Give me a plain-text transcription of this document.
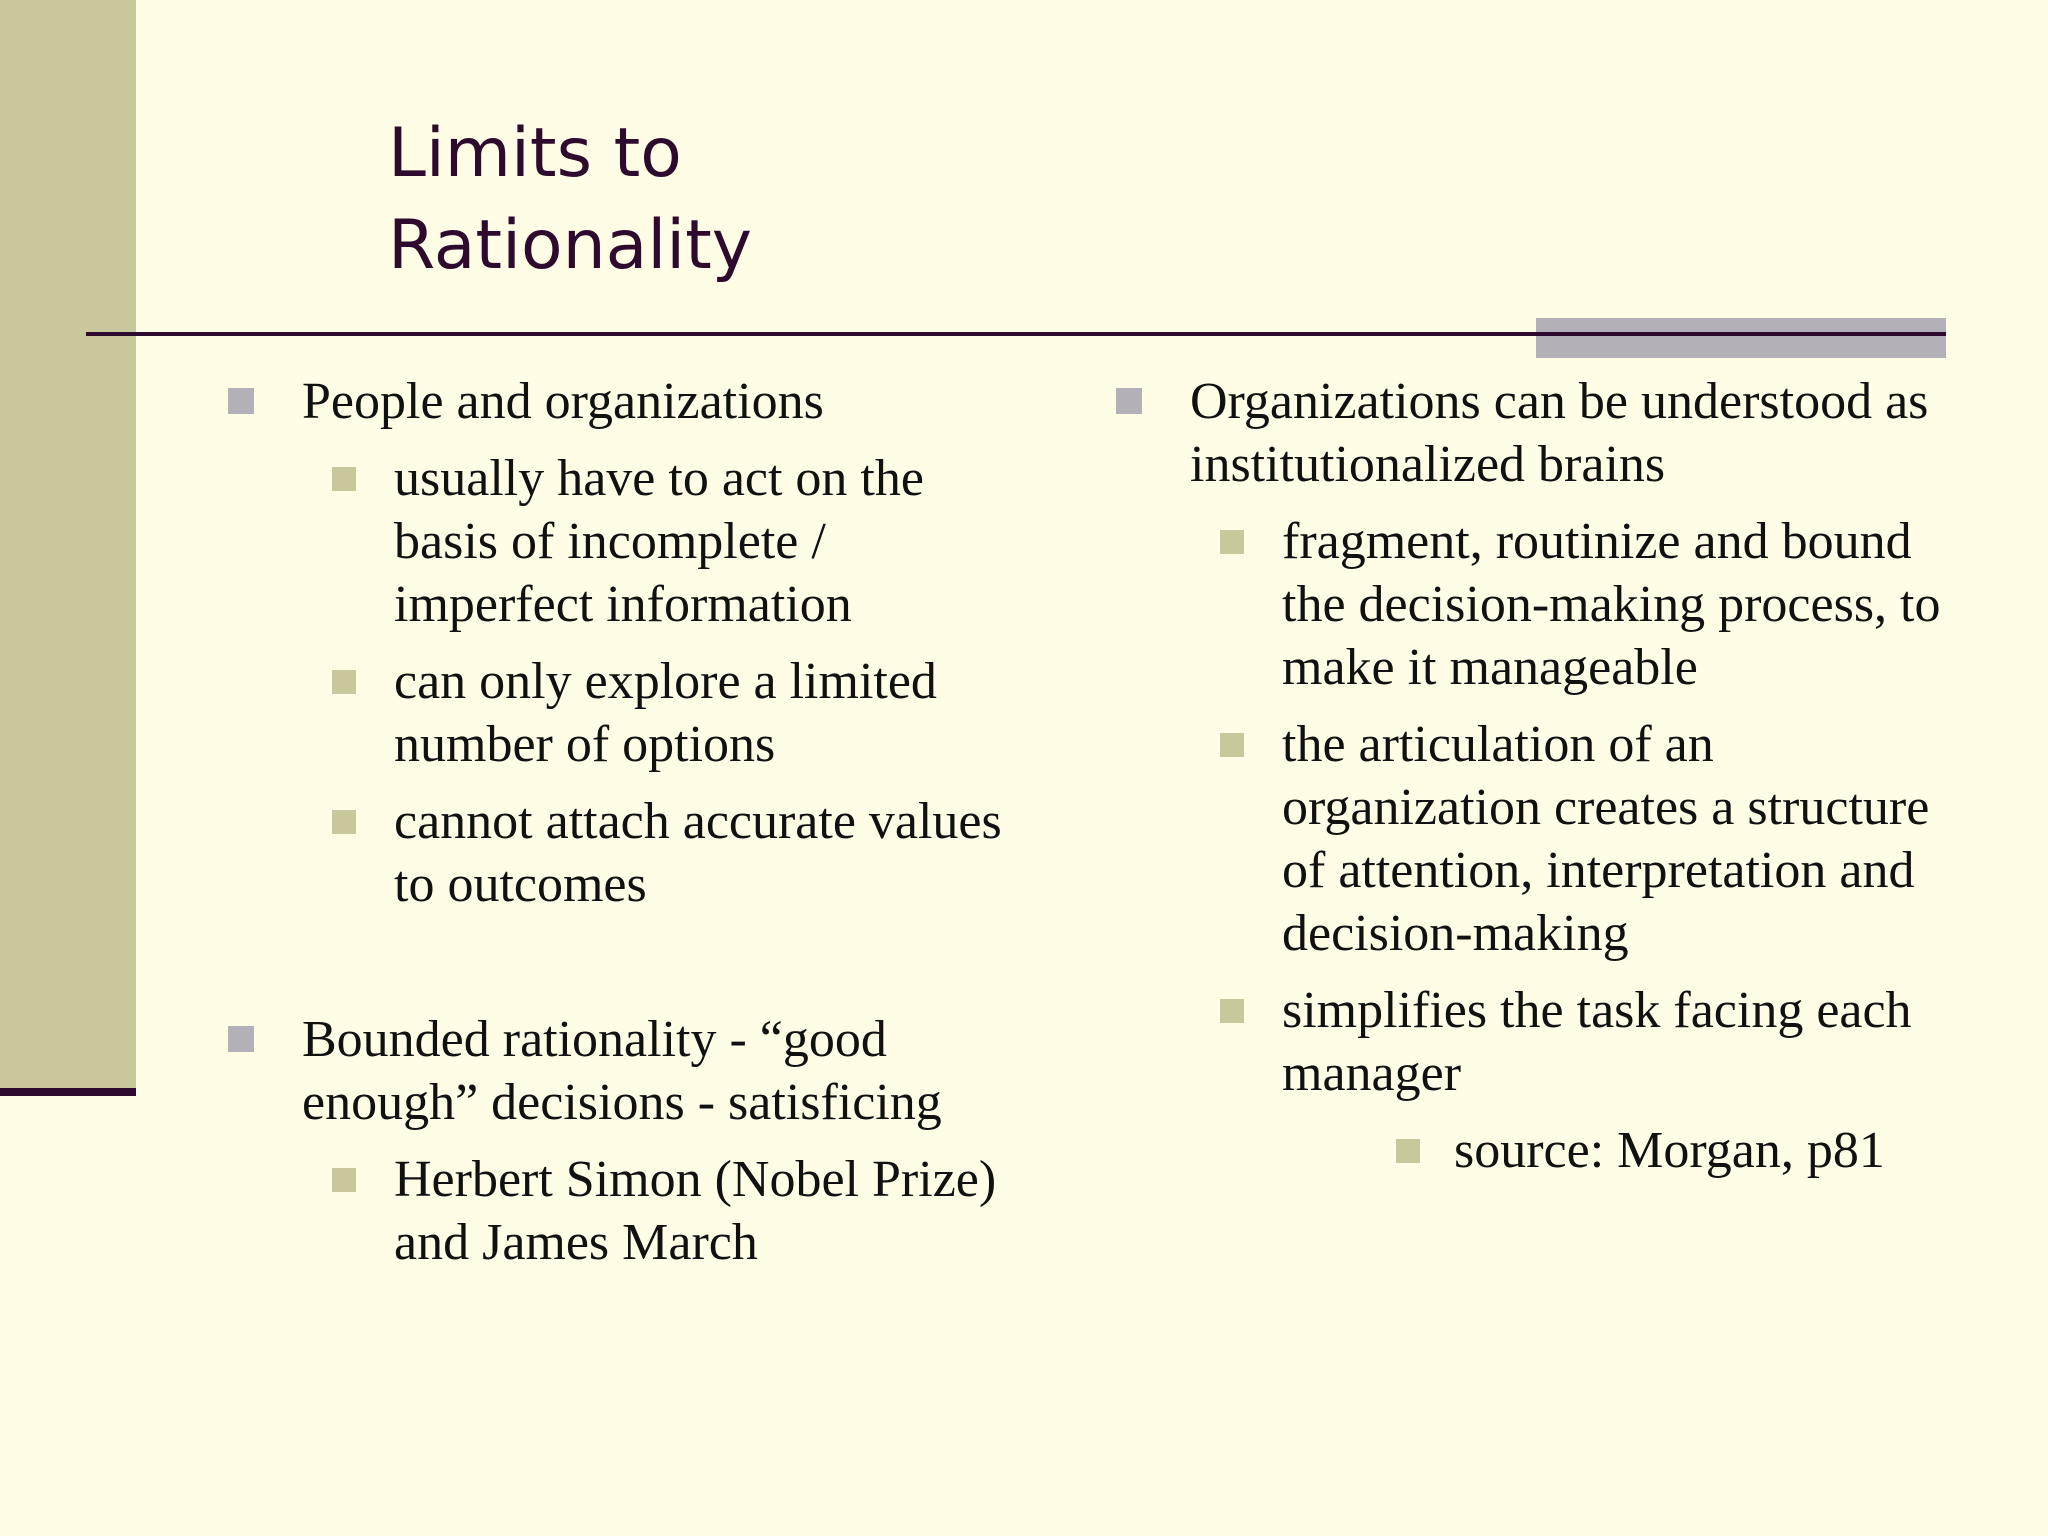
Limits to
Rationality
People and organizations
usually have to act on the basis of incomplete / imperfect information
can only explore a limited number of options
cannot attach accurate values to outcomes
Bounded rationality - “good enough” decisions - satisficing
Herbert Simon (Nobel Prize) and James March
Organizations can be understood as institutionalized brains
fragment, routinize and bound the decision-making process, to make it manageable
the articulation of an organization creates a structure of attention, interpretation and decision-making
simplifies the task facing each manager
source: Morgan, p81
